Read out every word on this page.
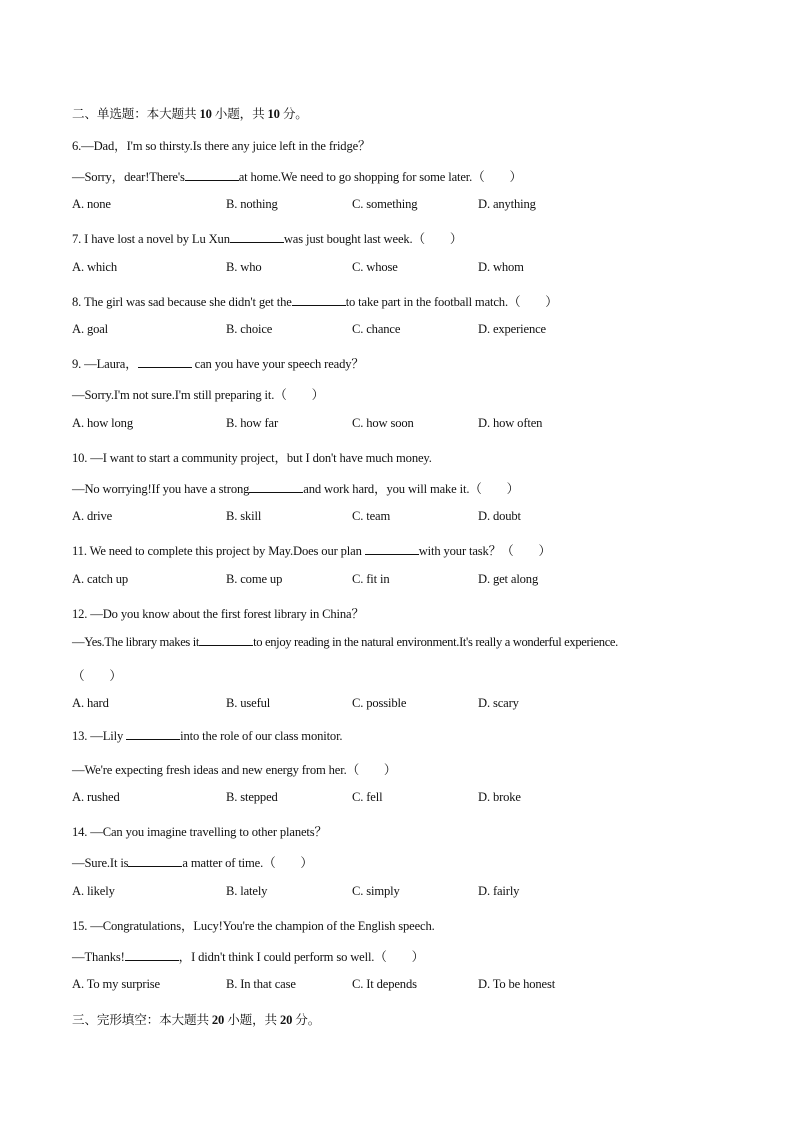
二、单选题：本大题共 10 小题，共 10 分。
6.—Dad，I'm so thirsty.Is there any juice left in the fridge？
—Sorry，dear!There's	at home.We need to go shopping for some later.（　　）
A. none	B. nothing	C. something	D. anything
7. I have lost a novel by Lu Xun	was just bought last week.（　　）
A. which	B. who	C. whose	D. whom
8. The girl was sad because she didn't get the	to take part in the football match.（　　）
A. goal	B. choice	C. chance	D. experience
9. —Laura，	can you have your speech ready？
—Sorry.I'm not sure.I'm still preparing it.（　　）
A. how long	B. how far	C. how soon	D. how often
10. —I want to start a community project，but I don't have much money.
—No worrying!If you have a strong	and work hard，you will make it.（　　）
A. drive	B. skill	C. team	D. doubt
11. We need to complete this project by May.Does our plan	with your task？（　　）
A. catch up	B. come up	C. fit in	D. get along
12. —Do you know about the first forest library in China？
—Yes.The library makes it	to enjoy reading in the natural environment.It's really a wonderful experience.
（　　）
A. hard	B. useful	C. possible	D. scary
13. —Lily	into the role of our class monitor.
—We're expecting fresh ideas and new energy from her.（　　）
A. rushed	B. stepped	C. fell	D. broke
14. —Can you imagine travelling to other planets？
—Sure.It is	a matter of time.（　　）
A. likely	B. lately	C. simply	D. fairly
15. —Congratulations，Lucy!You're the champion of the English speech.
—Thanks!	，I didn't think I could perform so well.（　　）
A. To my surprise	B. In that case	C. It depends	D. To be honest
三、完形填空：本大题共 20 小题，共 20 分。
